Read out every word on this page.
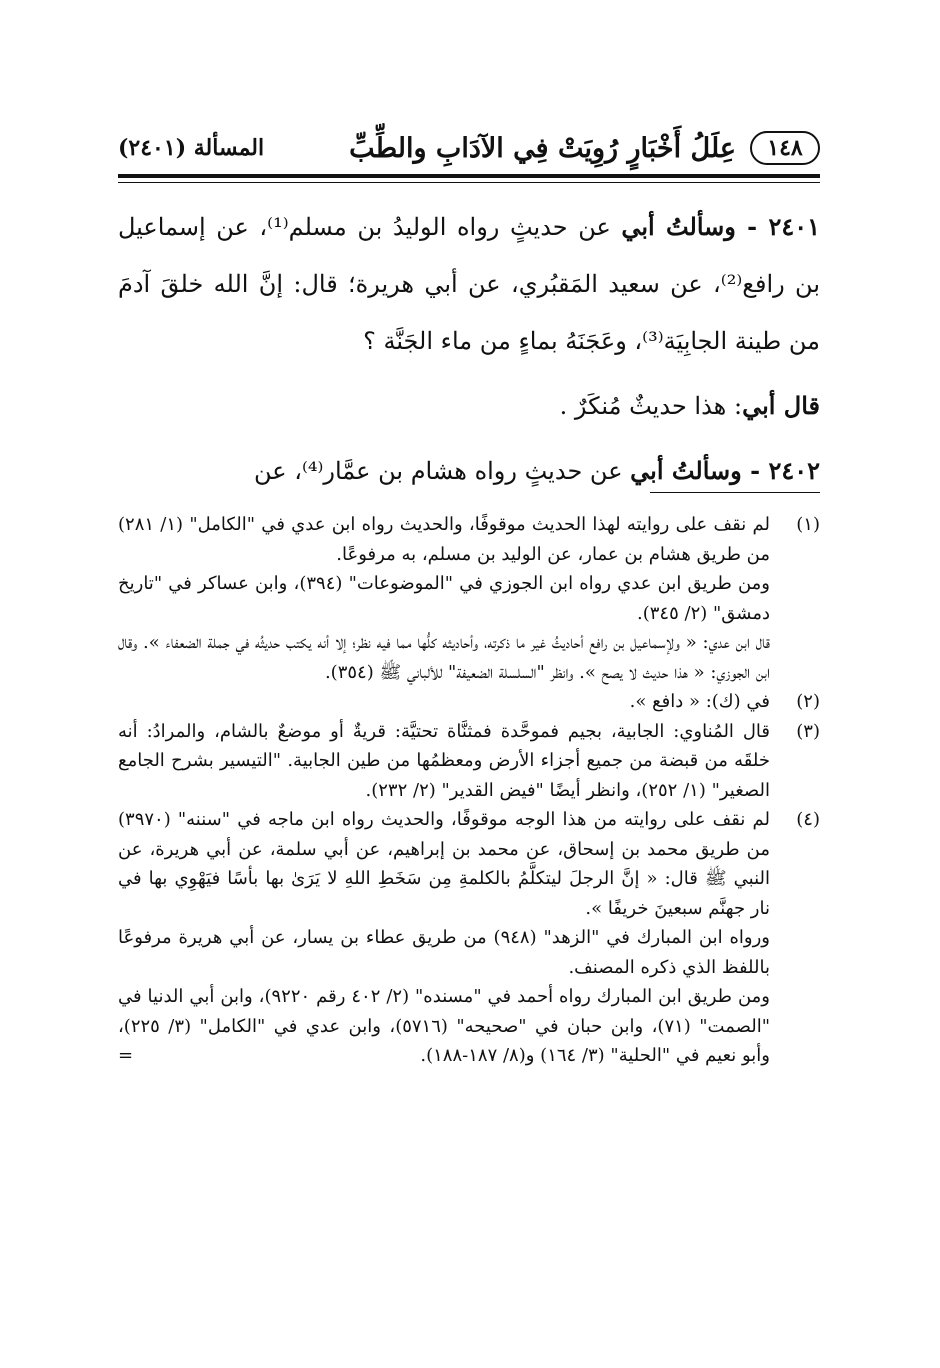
١٤٨
عِلَلُ أَخْبَارٍ رُوِيَتْ فِي الآدَابِ والطِّبِّ
المسألة (٢٤٠١)

٢٤٠١ - وسألتُ أبي عن حديثٍ رواه الوليدُ بن مسلم⁽¹⁾، عن إسماعيل بن رافع⁽²⁾، عن سعيد المَقبُري، عن أبي هريرة؛ قال: إنَّ الله خلقَ آدمَ من طينة الجابِيَة⁽³⁾، وعَجَنَهُ بماءٍ من ماء الجَنَّة ؟

قال أبي: هذا حديثٌ مُنكَرٌ .

٢٤٠٢ - وسألتُ أبي عن حديثٍ رواه هشام بن عمَّار⁽⁴⁾، عن

(١)

لم نقف على روايته لهذا الحديث موقوفًا، والحديث رواه ابن عدي في "الكامل" (١/ ٢٨١) من طريق هشام بن عمار، عن الوليد بن مسلم، به مرفوعًا.

ومن طريق ابن عدي رواه ابن الجوزي في "الموضوعات" (٣٩٤)، وابن عساكر في "تاريخ دمشق" (٢/ ٣٤٥).

قال ابن عدي: « ولإسماعيل بن رافع أحاديثُ غير ما ذكرته، وأحاديثه كلُّها مما فيه نظر؛ إلا أنه يكتب حديثُه في جملة الضعفاء ». وقال ابن الجوزي: « هذا حديث لا يصح ». وانظر "السلسلة الضعيفة" للألباني ﷺ (٣٥٤).

(٢)

في (ك): « دافع ».

(٣)

قال المُناوي: الجابية، بجيم فموحَّدة فمثنَّاة تحتيَّة: قريةٌ أو موضعٌ بالشام، والمرادُ: أنه خلقَه من قبضة من جميع أجزاء الأرض ومعظمُها من طين الجابية. "التيسير بشرح الجامع الصغير" (١/ ٢٥٢)، وانظر أيضًا "فيض القدير" (٢/ ٢٣٢).

(٤)

لم نقف على روايته من هذا الوجه موقوفًا، والحديث رواه ابن ماجه في "سننه" (٣٩٧٠) من طريق محمد بن إسحاق، عن محمد بن إبراهيم، عن أبي سلمة، عن أبي هريرة، عن النبي ﷺ قال: « إنَّ الرجلَ ليتكلَّمُ بالكلمةِ مِن سَخَطِ اللهِ لا يَرَىٰ بها بأسًا فيَهْوِي بها في نار جهنَّم سبعينَ خريفًا ».

ورواه ابن المبارك في "الزهد" (٩٤٨) من طريق عطاء بن يسار، عن أبي هريرة مرفوعًا باللفظ الذي ذكره المصنف.

ومن طريق ابن المبارك رواه أحمد في "مسنده" (٢/ ٤٠٢ رقم ٩٢٢٠)، وابن أبي الدنيا في "الصمت" (٧١)، وابن حبان في "صحيحه" (٥٧١٦)، وابن عدي في "الكامل" (٣/ ٢٢٥)، وأبو نعيم في "الحلية" (٣/ ١٦٤) و(٨/ ١٨٧-١٨٨).

=
